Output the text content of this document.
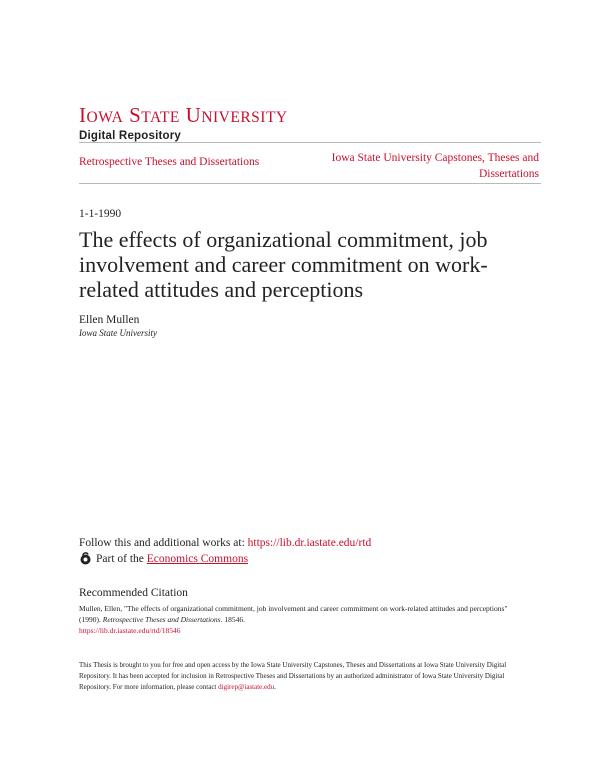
IOWA STATE UNIVERSITY
Digital Repository
Retrospective Theses and Dissertations	Iowa State University Capstones, Theses and Dissertations
1-1-1990
The effects of organizational commitment, job involvement and career commitment on work-related attitudes and perceptions
Ellen Mullen
Iowa State University
Follow this and additional works at: https://lib.dr.iastate.edu/rtd
Part of the
Economics Commons
Recommended Citation
Mullen, Ellen, "The effects of organizational commitment, job involvement and career commitment on work-related attitudes and perceptions" (1990). Retrospective Theses and Dissertations. 18546.
https://lib.dr.iastate.edu/rtd/18546
This Thesis is brought to you for free and open access by the Iowa State University Capstones, Theses and Dissertations at Iowa State University Digital Repository. It has been accepted for inclusion in Retrospective Theses and Dissertations by an authorized administrator of Iowa State University Digital Repository. For more information, please contact digirep@iastate.edu.
